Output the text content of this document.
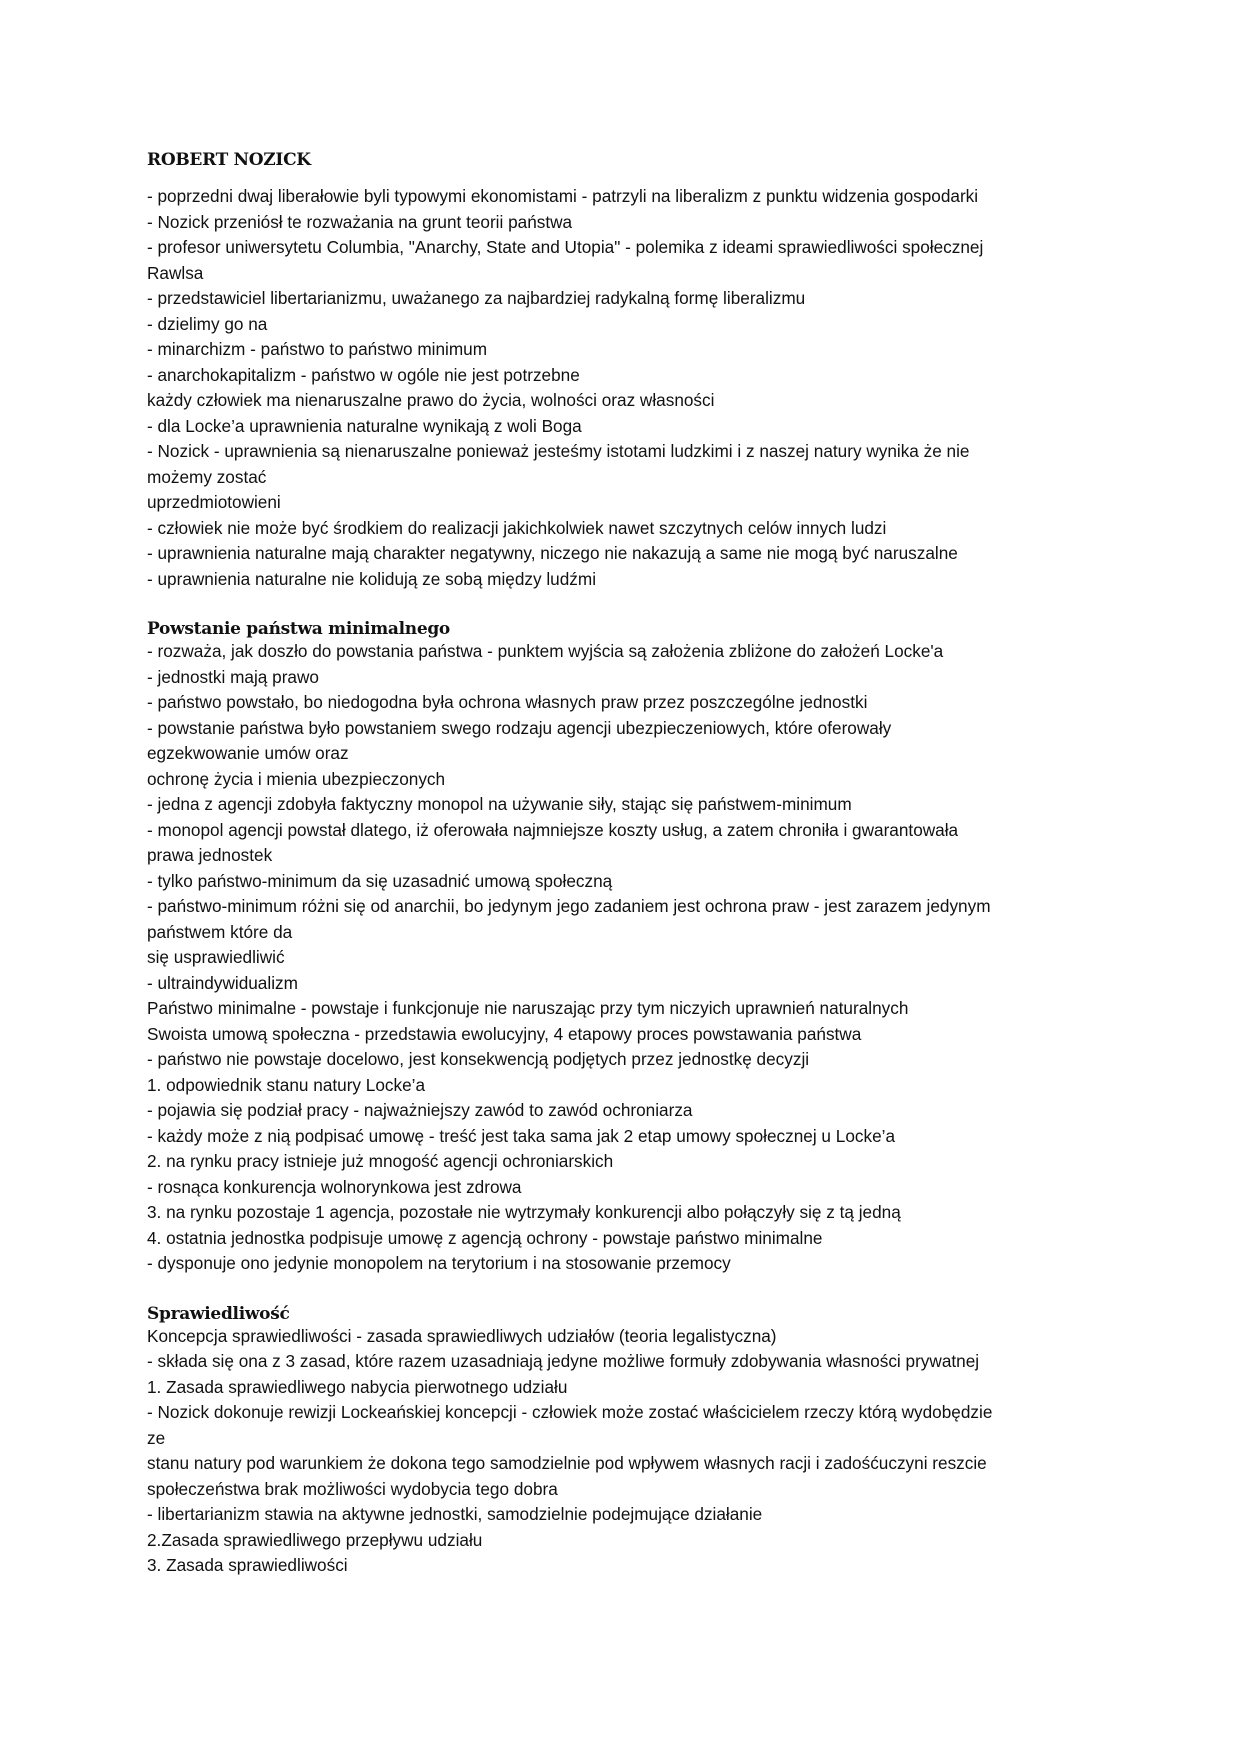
ROBERT NOZICK
- poprzedni dwaj liberałowie byli typowymi ekonomistami - patrzyli na liberalizm z punktu widzenia gospodarki
- Nozick przeniósł te rozważania na grunt teorii państwa
- profesor uniwersytetu Columbia, "Anarchy, State and Utopia" - polemika z ideami sprawiedliwości społecznej
Rawlsa
- przedstawiciel libertarianizmu, uważanego za najbardziej radykalną formę liberalizmu
- dzielimy go na
- minarchizm - państwo to państwo minimum
- anarchokapitalizm - państwo w ogóle nie jest potrzebne
każdy człowiek ma nienaruszalne prawo do życia, wolności oraz własności
- dla Locke’a uprawnienia naturalne wynikają z woli Boga
- Nozick - uprawnienia są nienaruszalne ponieważ jesteśmy istotami ludzkimi i z naszej natury wynika że nie
możemy zostać
uprzedmiotowieni
- człowiek nie może być środkiem do realizacji jakichkolwiek nawet szczytnych celów innych ludzi
- uprawnienia naturalne mają charakter negatywny, niczego nie nakazują a same nie mogą być naruszalne
- uprawnienia naturalne nie kolidują ze sobą między ludźmi
Powstanie państwa minimalnego
- rozważa, jak doszło do powstania państwa - punktem wyjścia są założenia zbliżone do założeń Locke'a
- jednostki mają prawo
- państwo powstało, bo niedogodna była ochrona własnych praw przez poszczególne jednostki
- powstanie państwa było powstaniem swego rodzaju agencji ubezpieczeniowych, które oferowały
egzekwowanie umów oraz
ochronę życia i mienia ubezpieczonych
- jedna z agencji zdobyła faktyczny monopol na używanie siły, stając się państwem-minimum
- monopol agencji powstał dlatego, iż oferowała najmniejsze koszty usług, a zatem chroniła i gwarantowała
prawa jednostek
- tylko państwo-minimum da się uzasadnić umową społeczną
- państwo-minimum różni się od anarchii, bo jedynym jego zadaniem jest ochrona praw - jest zarazem jedynym
państwem które da
się usprawiedliwić
- ultraindywidualizm
Państwo minimalne - powstaje i funkcjonuje nie naruszając przy tym niczyich uprawnień naturalnych
Swoista umową społeczna - przedstawia ewolucyjny, 4 etapowy proces powstawania państwa
- państwo nie powstaje docelowo, jest konsekwencją podjętych przez jednostkę decyzji
1. odpowiednik stanu natury Locke’a
- pojawia się podział pracy - najważniejszy zawód to zawód ochroniarza
- każdy może z nią podpisać umowę - treść jest taka sama jak 2 etap umowy społecznej u Locke’a
2. na rynku pracy istnieje już mnogość agencji ochroniarskich
- rosnąca konkurencja wolnorynkowa jest zdrowa
3. na rynku pozostaje 1 agencja, pozostałe nie wytrzymały konkurencji albo połączyły się z tą jedną
4. ostatnia jednostka podpisuje umowę z agencją ochrony - powstaje państwo minimalne
- dysponuje ono jedynie monopolem na terytorium i na stosowanie przemocy
Sprawiedliwość
Koncepcja sprawiedliwości - zasada sprawiedliwych udziałów (teoria legalistyczna)
- składa się ona z 3 zasad, które razem uzasadniają jedyne możliwe formuły zdobywania własności prywatnej
1. Zasada sprawiedliwego nabycia pierwotnego udziału
- Nozick dokonuje rewizji Lockeańskiej koncepcji - człowiek może zostać właścicielem rzeczy którą wydobędzie
ze
stanu natury pod warunkiem że dokona tego samodzielnie pod wpływem własnych racji i zadośćuczyni reszcie
społeczeństwa brak możliwości wydobycia tego dobra
- libertarianizm stawia na aktywne jednostki, samodzielnie podejmujące działanie
2.Zasada sprawiedliwego przepływu udziału
3. Zasada sprawiedliwości
